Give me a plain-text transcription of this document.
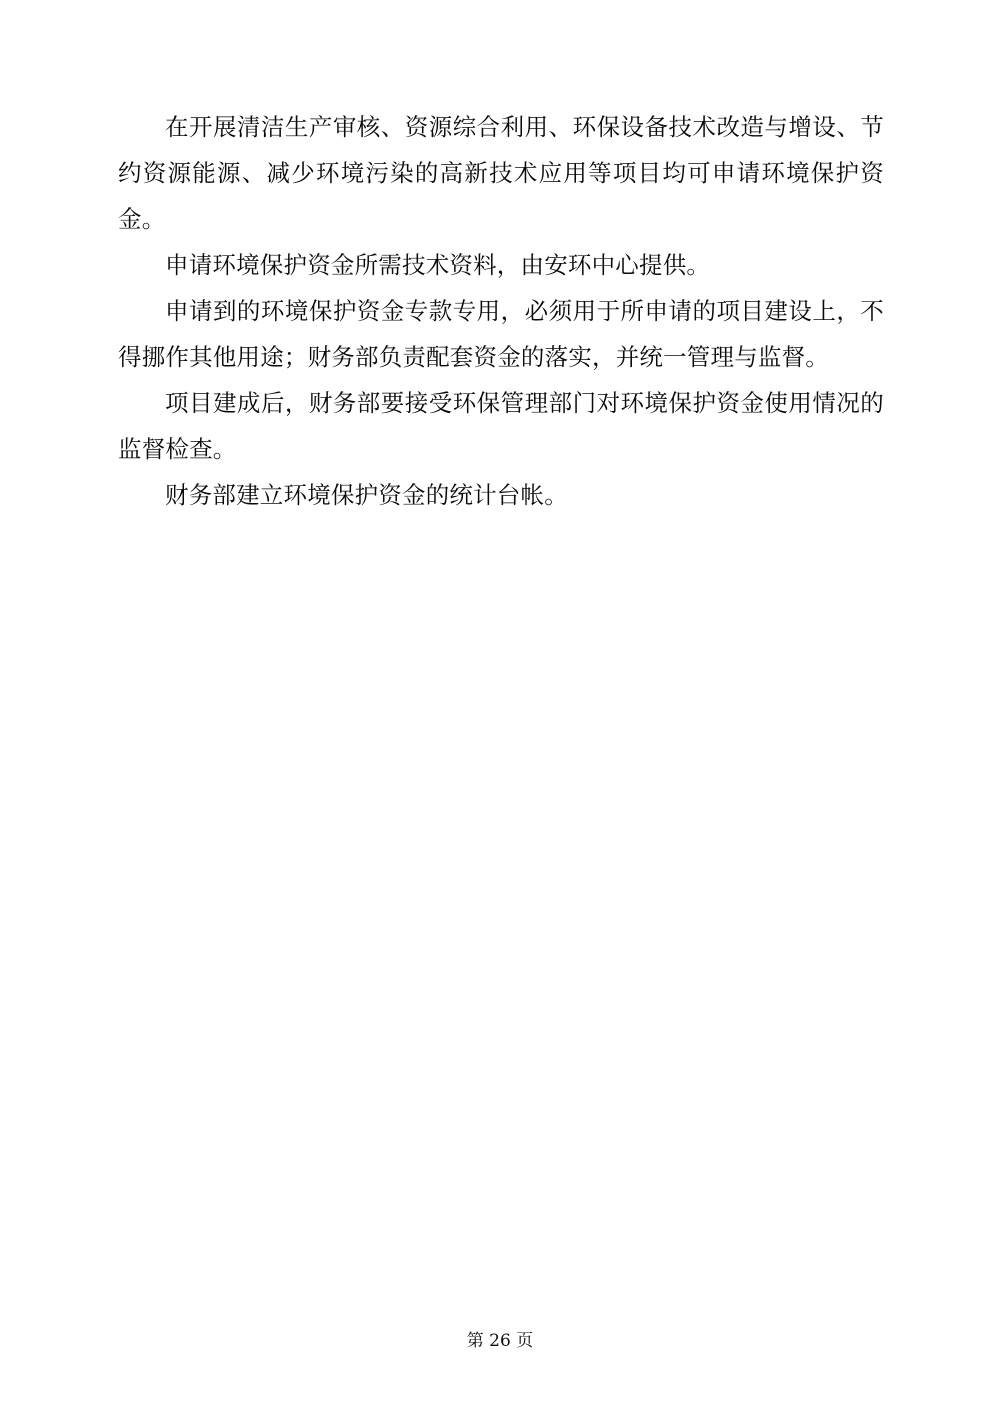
在开展清洁生产审核、资源综合利用、环保设备技术改造与增设、节约资源能源、减少环境污染的高新技术应用等项目均可申请环境保护资金。

申请环境保护资金所需技术资料，由安环中心提供。

申请到的环境保护资金专款专用，必须用于所申请的项目建设上，不得挪作其他用途；财务部负责配套资金的落实，并统一管理与监督。

项目建成后，财务部要接受环保管理部门对环境保护资金使用情况的监督检查。

财务部建立环境保护资金的统计台帐。

第 26 页
